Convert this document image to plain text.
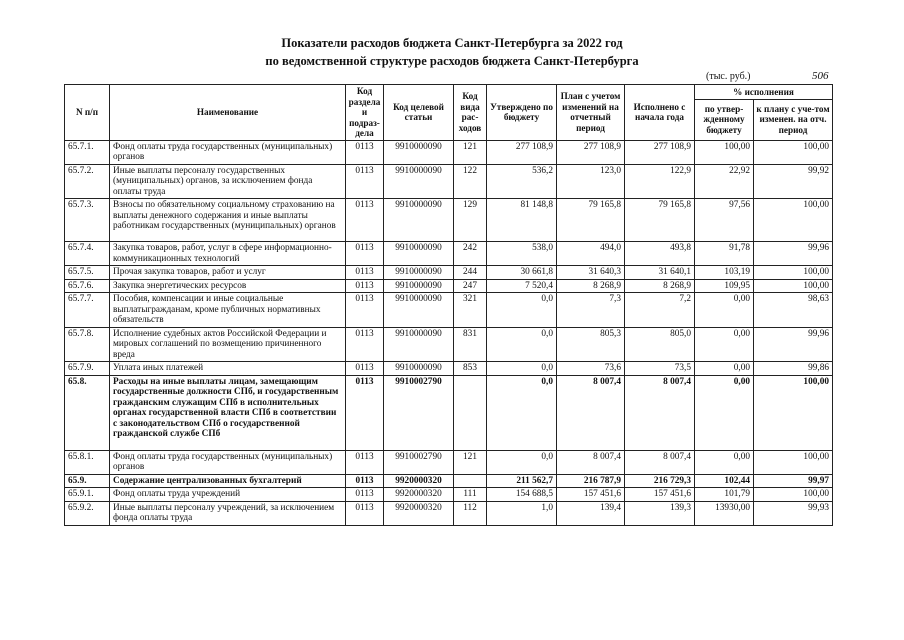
Показатели расходов бюджета Санкт-Петербурга за 2022 год
по ведомственной структуре расходов бюджета Санкт-Петербурга
(тыс. руб.)	506
N п/п	Наименование	Код раздела и подраз-дела	Код целевой статьи	Код вида рас-ходов	Утверждено по бюджету	План с учетом изменений на отчетный период	Исполнено с начала года	% исполнения	
								по утвер-жденному бюджету	к плану с уче-том изменен. на отч. период
65.7.1.	Фонд оплаты труда государственных (муниципальных) органов	0113	9910000090	121	277 108,9	277 108,9	277 108,9	100,00	100,00
65.7.2.	Иные выплаты персоналу государственных (муниципальных) органов, за исключением фонда оплаты труда	0113	9910000090	122	536,2	123,0	122,9	22,92	99,92
65.7.3.	Взносы по обязательному социальному страхованию на выплаты денежного содержания и иные выплаты работникам государственных (муниципальных) органов	0113	9910000090	129	81 148,8	79 165,8	79 165,8	97,56	100,00
65.7.4.	Закупка товаров, работ, услуг в сфере информационно-коммуникационных технологий	0113	9910000090	242	538,0	494,0	493,8	91,78	99,96
65.7.5.	Прочая закупка товаров, работ и услуг	0113	9910000090	244	30 661,8	31 640,3	31 640,1	103,19	100,00
65.7.6.	Закупка энергетических ресурсов	0113	9910000090	247	7 520,4	8 268,9	8 268,9	109,95	100,00
65.7.7.	Пособия, компенсации и иные социальные выплатыгражданам, кроме публичных нормативных обязательств	0113	9910000090	321	0,0	7,3	7,2	0,00	98,63
65.7.8.	Исполнение судебных актов Российской Федерации и мировых соглашений по возмещению причиненного вреда	0113	9910000090	831	0,0	805,3	805,0	0,00	99,96
65.7.9.	Уплата иных платежей	0113	9910000090	853	0,0	73,6	73,5	0,00	99,86
65.8.	Расходы на иные выплаты лицам, замещающим государственные должности СПб, и государственным гражданским служащим СПб в исполнительных органах государственной власти СПб в соответствии с законодательством СПб о государственной гражданской службе СПб	0113	9910002790		0,0	8 007,4	8 007,4	0,00	100,00
65.8.1.	Фонд оплаты труда государственных (муниципальных) органов	0113	9910002790	121	0,0	8 007,4	8 007,4	0,00	100,00
65.9.	Содержание централизованных бухгалтерий	0113	9920000320		211 562,7	216 787,9	216 729,3	102,44	99,97
65.9.1.	Фонд оплаты труда учреждений	0113	9920000320	111	154 688,5	157 451,6	157 451,6	101,79	100,00
65.9.2.	Иные выплаты персоналу учреждений, за исключением фонда оплаты труда	0113	9920000320	112	1,0	139,4	139,3	13930,00	99,93
